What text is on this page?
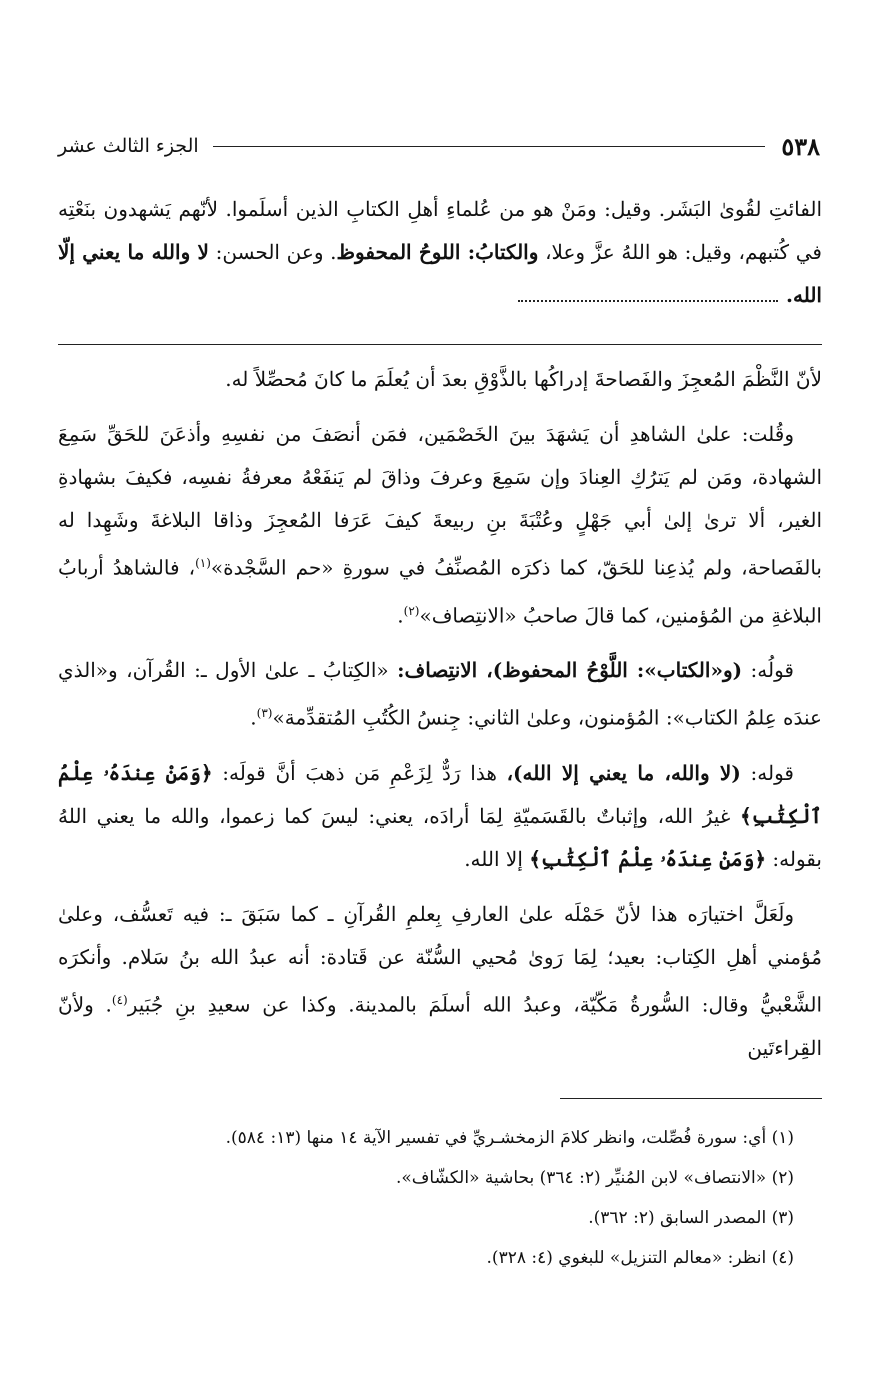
٥٣٨
الجزء الثالث عشر

الفائتِ لقُوىٰ البَشَر. وقيل: ومَنْ هو من عُلماءِ أهلِ الكتابِ الذين أسلَموا. لأنّهم يَشهدون بنَعْتِه في كُتبهم، وقيل: هو اللهُ عزَّ وعلا، والكتابُ: اللوحُ المحفوظ. وعن الحسن: لا والله ما يعني إلّا الله.

لأنّ النَّظْمَ المُعجِزَ والفَصاحةَ إدراكُها بالذَّوْقِ بعدَ أن يُعلَمَ ما كانَ مُحصِّلاً له.

وقُلت: علىٰ الشاهدِ أن يَشهَدَ بينَ الخَصْمَين، فمَن أنصَفَ من نفسِهِ وأذعَنَ للحَقِّ سَمِعَ الشهادة، ومَن لم يَترُكِ العِنادَ وإن سَمِعَ وعرفَ وذاقَ لم يَنفَعْهُ معرفةُ نفسِه، فكيفَ بشهادةِ الغير، ألا ترىٰ إلىٰ أبي جَهْلٍ وعُتْبَةَ بنِ ربيعةَ كيفَ عَرَفا المُعجِزَ وذاقا البلاغةَ وشَهِدا له بالفَصاحة، ولم يُذعِنا للحَقّ، كما ذكرَه المُصنِّفُ في سورةِ «حم السَّجْدة»$^{(١)}$، فالشاهدُ أربابُ البلاغةِ من المُؤمنين، كما قالَ صاحبُ «الانتِصاف»$^{(٢)}$.

قولُه: (و«الكتاب»: اللَّوْحُ المحفوظ)، الانتِصاف: «الكِتابُ ـ علىٰ الأول ـ: القُرآن، و«الذي عندَه عِلمُ الكتاب»: المُؤمنون، وعلىٰ الثاني: جِنسُ الكُتُبِ المُتقدِّمة»$^{(٣)}$.

قوله: (لا والله، ما يعني إلا الله)، هذا رَدٌّ لِزَعْمِ مَن ذهبَ أنَّ قولَه: ﴿وَمَنْ عِندَهُۥ عِلْمُ ٱلْكِتَٰبِ﴾ غيرُ الله، وإثباتٌ بالقَسَميّةِ لِمَا أرادَه، يعني: ليسَ كما زعموا، والله ما يعني اللهُ بقوله: ﴿وَمَنْ عِندَهُۥ عِلْمُ ٱلْكِتَٰبِ﴾ إلا الله.

ولَعَلَّ اختيارَه هذا لأنّ حَمْلَه علىٰ العارفِ بِعلمِ القُرآنِ ـ كما سَبَقَ ـ: فيه تَعسُّف، وعلىٰ مُؤمني أهلِ الكِتاب: بعيد؛ لِمَا رَوىٰ مُحيي السُّنّة عن قَتادة: أنه عبدُ الله بنُ سَلام. وأنكرَه الشَّعْبيُّ وقال: السُّورةُ مَكّيّة، وعبدُ الله أسلَمَ بالمدينة. وكذا عن سعيدِ بنِ جُبَير$^{(٤)}$. ولأنّ القِراءتَين

(١) أي: سورة فُصِّلت، وانظر كلامَ الزمخشـريِّ في تفسير الآية ١٤ منها (١٣: ٥٨٤).

(٢) «الانتصاف» لابن المُنيِّر (٢: ٣٦٤) بحاشية «الكشّاف».

(٣) المصدر السابق (٢: ٣٦٢).

(٤) انظر: «معالم التنزيل» للبغوي (٤: ٣٢٨).
